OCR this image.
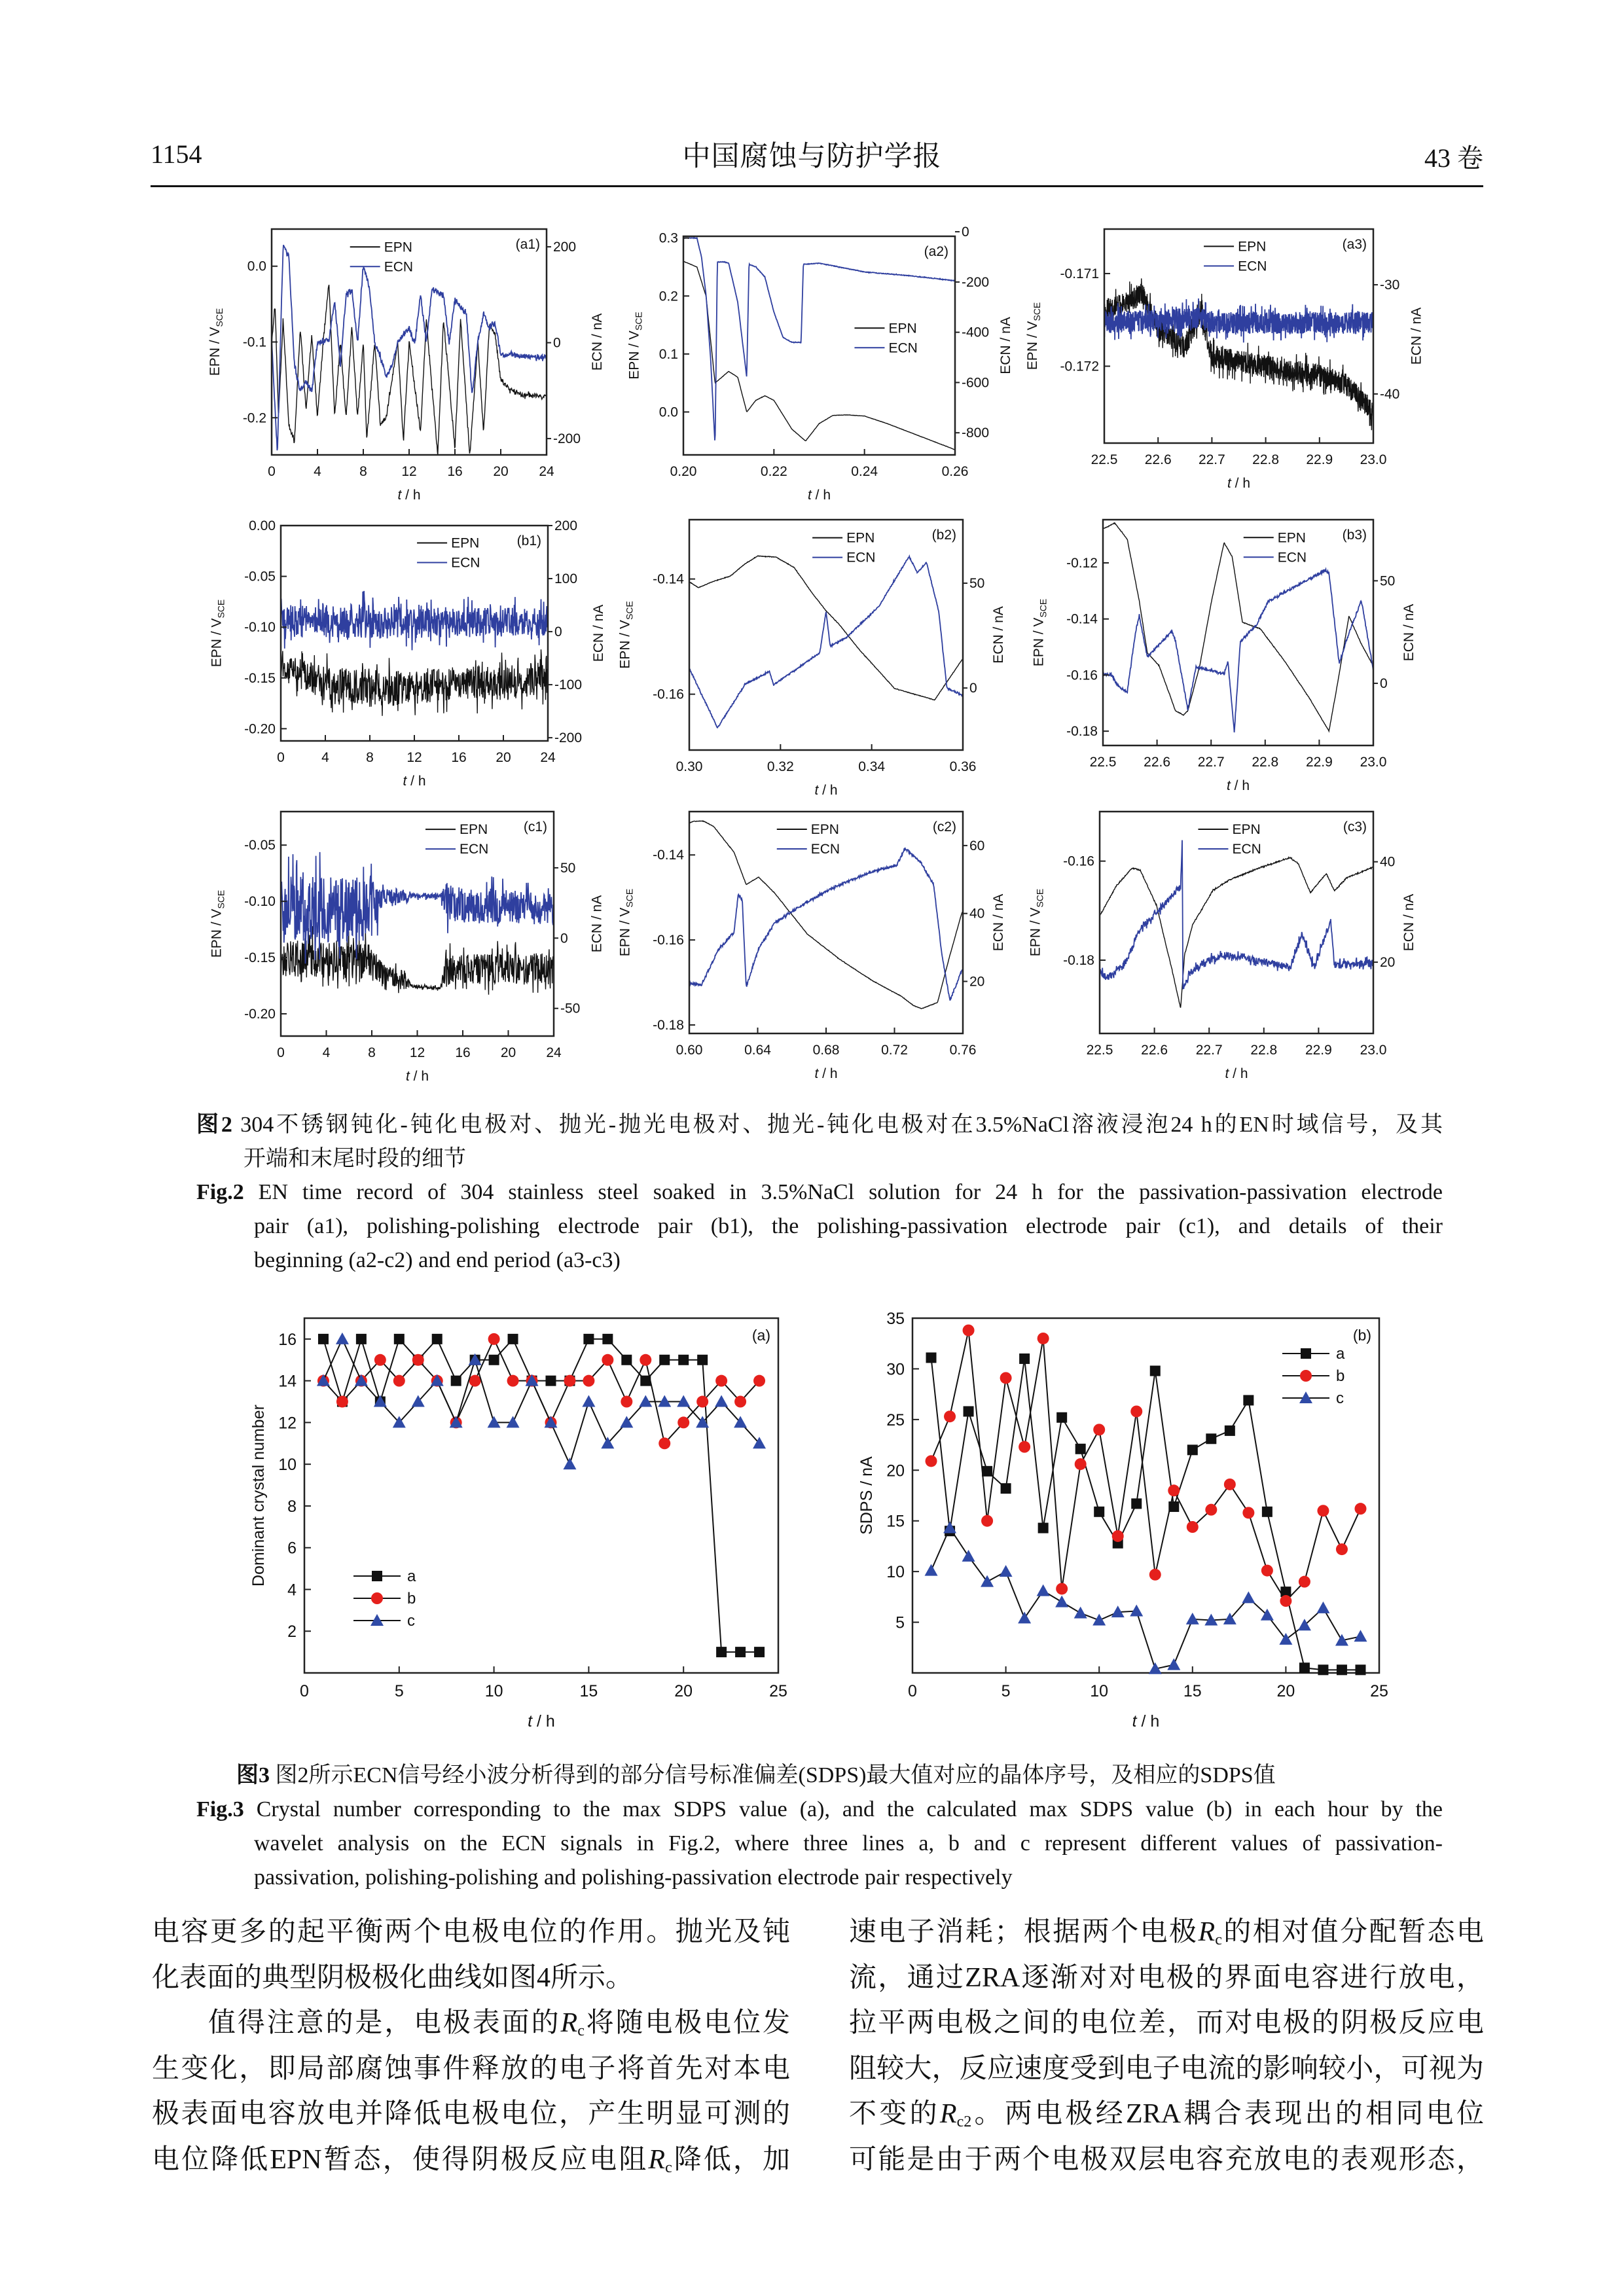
1154	中国腐蚀与防护学报	43 卷
0	4	8 12 16 20 24
0.0
-0.1
-0.2
200
0
-200
EPN / $V_{SCE}$	ECN / nA
t / h
(a1)
EPN
ECN
0.20	0.22	0.24	0.26
0.3
0.2
0.1
0.0
0
-200
-400
-600
-800
EPN / $V_{SCE}$	ECN / nA
t / h
(a2)
EPN
ECN
22.5 22.6 22.7 22.8 22.9 23.0
-0.171
-0.172
-30
-40
EPN / $V_{SCE}$	ECN / nA
t / h
(a3)
EPN
ECN
0	4	8 12 16 20 24
0.00
-0.05
-0.10
-0.15
-0.20
200
100
0
-100
-200
EPN / $V_{SCE}$	ECN / nA
t / h
(b1)
EPN
ECN
0.30	0.32	0.34	0.36
-0.14
-0.16
50
0
EPN / $V_{SCE}$	ECN / nA
t / h
(b2)
EPN
ECN
22.5 22.6 22.7 22.8 22.9 23.0
-0.12
-0.14
-0.16
-0.18
50
0
EPN / $V_{SCE}$	ECN / nA
t / h
(b3)
EPN
ECN
0	4	8 12 16 20 24
-0.05
-0.10
-0.15
-0.20
50
0
-50
EPN / $V_{SCE}$	ECN / nA
t / h
(c1)
EPN
ECN
0.60	0.64	0.68	0.72	0.76
-0.14
-0.16
-0.18
60
40
20
EPN / $V_{SCE}$	ECN / nA
t / h
(c2)
EPN
ECN
22.5 22.6 22.7 22.8 22.9 23.0
-0.16
-0.18
40
20
EPN / $V_{SCE}$	ECN / nA
t / h
(c3)
EPN
ECN
0	5	10	15	20	25
2
4
6
8
10
12
14
16
Dominant crystal number
t / h
(a)
a
b
c
0	5	10	15	20	25
5
10
15
20
25
30
35
SDPS / nA
t / h
(b)
a
b
c
图2 304不锈钢钝化-钝化电极对、抛光-抛光电极对、抛光-钝化电极对在3.5%NaCl溶液浸泡24 h的EN时域信号，及其
开端和末尾时段的细节
Fig.2 EN time record of 304 stainless steel soaked in 3.5%NaCl solution for 24 h for the passivation-passivation electrode
pair (a1), polishing-polishing electrode pair (b1), the polishing-passivation electrode pair (c1), and details of their
beginning (a2-c2) and end period (a3-c3)
图3 图2所示ECN信号经小波分析得到的部分信号标准偏差(SDPS)最大值对应的晶体序号，及相应的SDPS值
Fig.3 Crystal number corresponding to the max SDPS value (a), and the calculated max SDPS value (b) in each hour by the
wavelet analysis on the ECN signals in Fig.2, where three lines a, b and c represent different values of passivation-
passivation, polishing-polishing and polishing-passivation electrode pair respectively
电容更多的起平衡两个电极电位的作用。抛光及钝
化表面的典型阴极极化曲线如图4所示。
值得注意的是，电极表面的$R_c$将随电极电位发
生变化，即局部腐蚀事件释放的电子将首先对本电
极表面电容放电并降低电极电位，产生明显可测的
电位降低EPN暂态，使得阴极反应电阻$R_c$降低，加
速电子消耗；根据两个电极$R_c$的相对值分配暂态电
流，通过ZRA逐渐对对电极的界面电容进行放电，
拉平两电极之间的电位差，而对电极的阴极反应电
阻较大，反应速度受到电子电流的影响较小，可视为
不变的$R_{c2}$。两电极经ZRA耦合表现出的相同电位
可能是由于两个电极双层电容充放电的表观形态，
